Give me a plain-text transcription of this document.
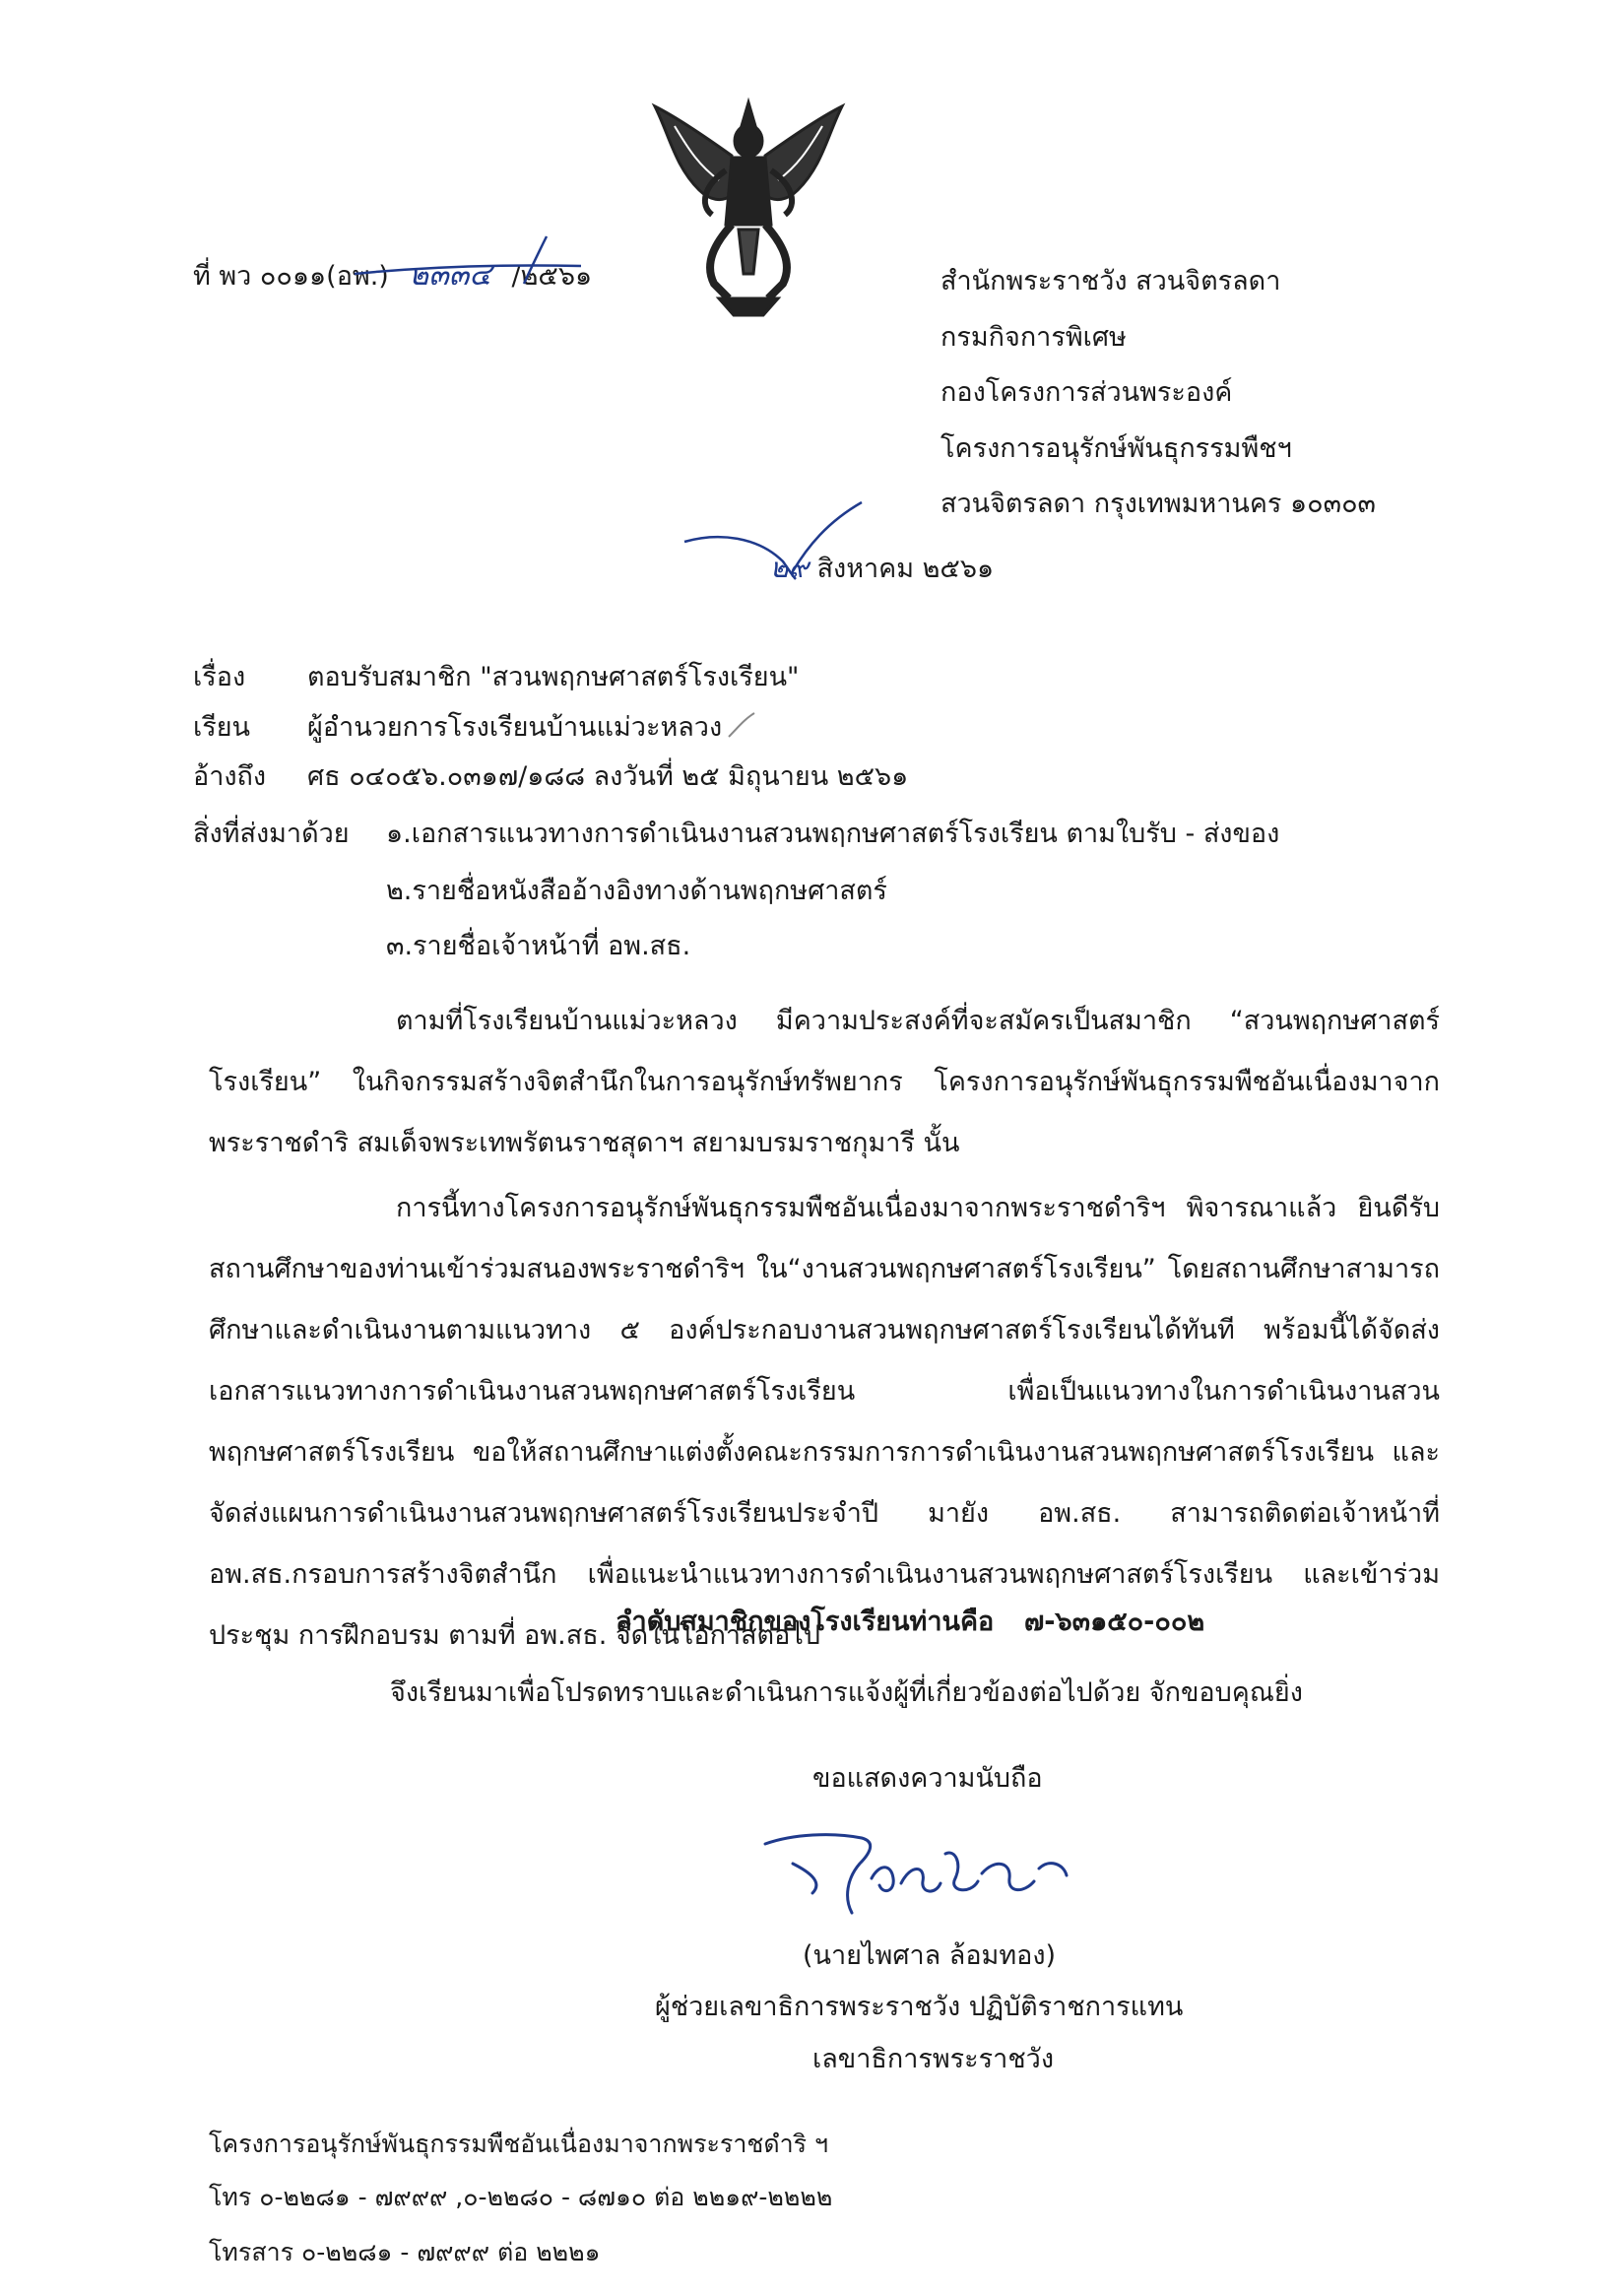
ที่ พว ๐๐๑๑(อพ.) ๒๓๓๔ /๒๕๖๑	สำนักพระราชวัง สวนจิตรลดา
กรมกิจการพิเศษ
กองโครงการส่วนพระองค์
โครงการอนุรักษ์พันธุกรรมพืชฯ
สวนจิตรลดา กรุงเทพมหานคร ๑๐๓๐๓
๒๙ สิงหาคม ๒๕๖๑
เรื่อง ตอบรับสมาชิก "สวนพฤกษศาสตร์โรงเรียน"
เรียน ผู้อำนวยการโรงเรียนบ้านแม่วะหลวง
อ้างถึง ศธ ๐๔๐๕๖.๐๓๑๗/๑๘๘ ลงวันที่ ๒๕ มิถุนายน ๒๕๖๑
สิ่งที่ส่งมาด้วย ๑.เอกสารแนวทางการดำเนินงานสวนพฤกษศาสตร์โรงเรียน ตามใบรับ - ส่งของ
๒.รายชื่อหนังสืออ้างอิงทางด้านพฤกษศาสตร์
๓.รายชื่อเจ้าหน้าที่ อพ.สธ.

ตามที่โรงเรียนบ้านแม่วะหลวง มีความประสงค์ที่จะสมัครเป็นสมาชิก “สวนพฤกษศาสตร์โรงเรียน” ในกิจกรรมสร้างจิตสำนึกในการอนุรักษ์ทรัพยากร โครงการอนุรักษ์พันธุกรรมพืชอันเนื่องมาจากพระราชดำริ สมเด็จพระเทพรัตนราชสุดาฯ สยามบรมราชกุมารี นั้น

การนี้ทางโครงการอนุรักษ์พันธุกรรมพืชอันเนื่องมาจากพระราชดำริฯ พิจารณาแล้ว ยินดีรับสถานศึกษาของท่านเข้าร่วมสนองพระราชดำริฯ ใน“งานสวนพฤกษศาสตร์โรงเรียน” โดยสถานศึกษาสามารถศึกษาและดำเนินงานตามแนวทาง ๕ องค์ประกอบงานสวนพฤกษศาสตร์โรงเรียนได้ทันที พร้อมนี้ได้จัดส่งเอกสารแนวทางการดำเนินงานสวนพฤกษศาสตร์โรงเรียน เพื่อเป็นแนวทางในการดำเนินงานสวนพฤกษศาสตร์โรงเรียน ขอให้สถานศึกษาแต่งตั้งคณะกรรมการการดำเนินงานสวนพฤกษศาสตร์โรงเรียน และจัดส่งแผนการดำเนินงานสวนพฤกษศาสตร์โรงเรียนประจำปี มายัง อพ.สธ. สามารถติดต่อเจ้าหน้าที่ อพ.สธ.กรอบการสร้างจิตสำนึก เพื่อแนะนำแนวทางการดำเนินงานสวนพฤกษศาสตร์โรงเรียน และเข้าร่วมประชุม การฝึกอบรม ตามที่ อพ.สธ. จัดในโอกาสต่อไป

ลำดับสมาชิกของโรงเรียนท่านคือ ๗-๖๓๑๕๐-๐๐๒
จึงเรียนมาเพื่อโปรดทราบและดำเนินการแจ้งผู้ที่เกี่ยวข้องต่อไปด้วย จักขอบคุณยิ่ง
ขอแสดงความนับถือ
(นายไพศาล ล้อมทอง)
ผู้ช่วยเลขาธิการพระราชวัง ปฏิบัติราชการแทน
เลขาธิการพระราชวัง
โครงการอนุรักษ์พันธุกรรมพืชอันเนื่องมาจากพระราชดำริ ฯ
โทร ๐-๒๒๘๑ - ๗๙๙๙ ,๐-๒๒๘๐ - ๘๗๑๐ ต่อ ๒๒๑๙-๒๒๒๒
โทรสาร ๐-๒๒๘๑ - ๗๙๙๙ ต่อ ๒๒๒๑
